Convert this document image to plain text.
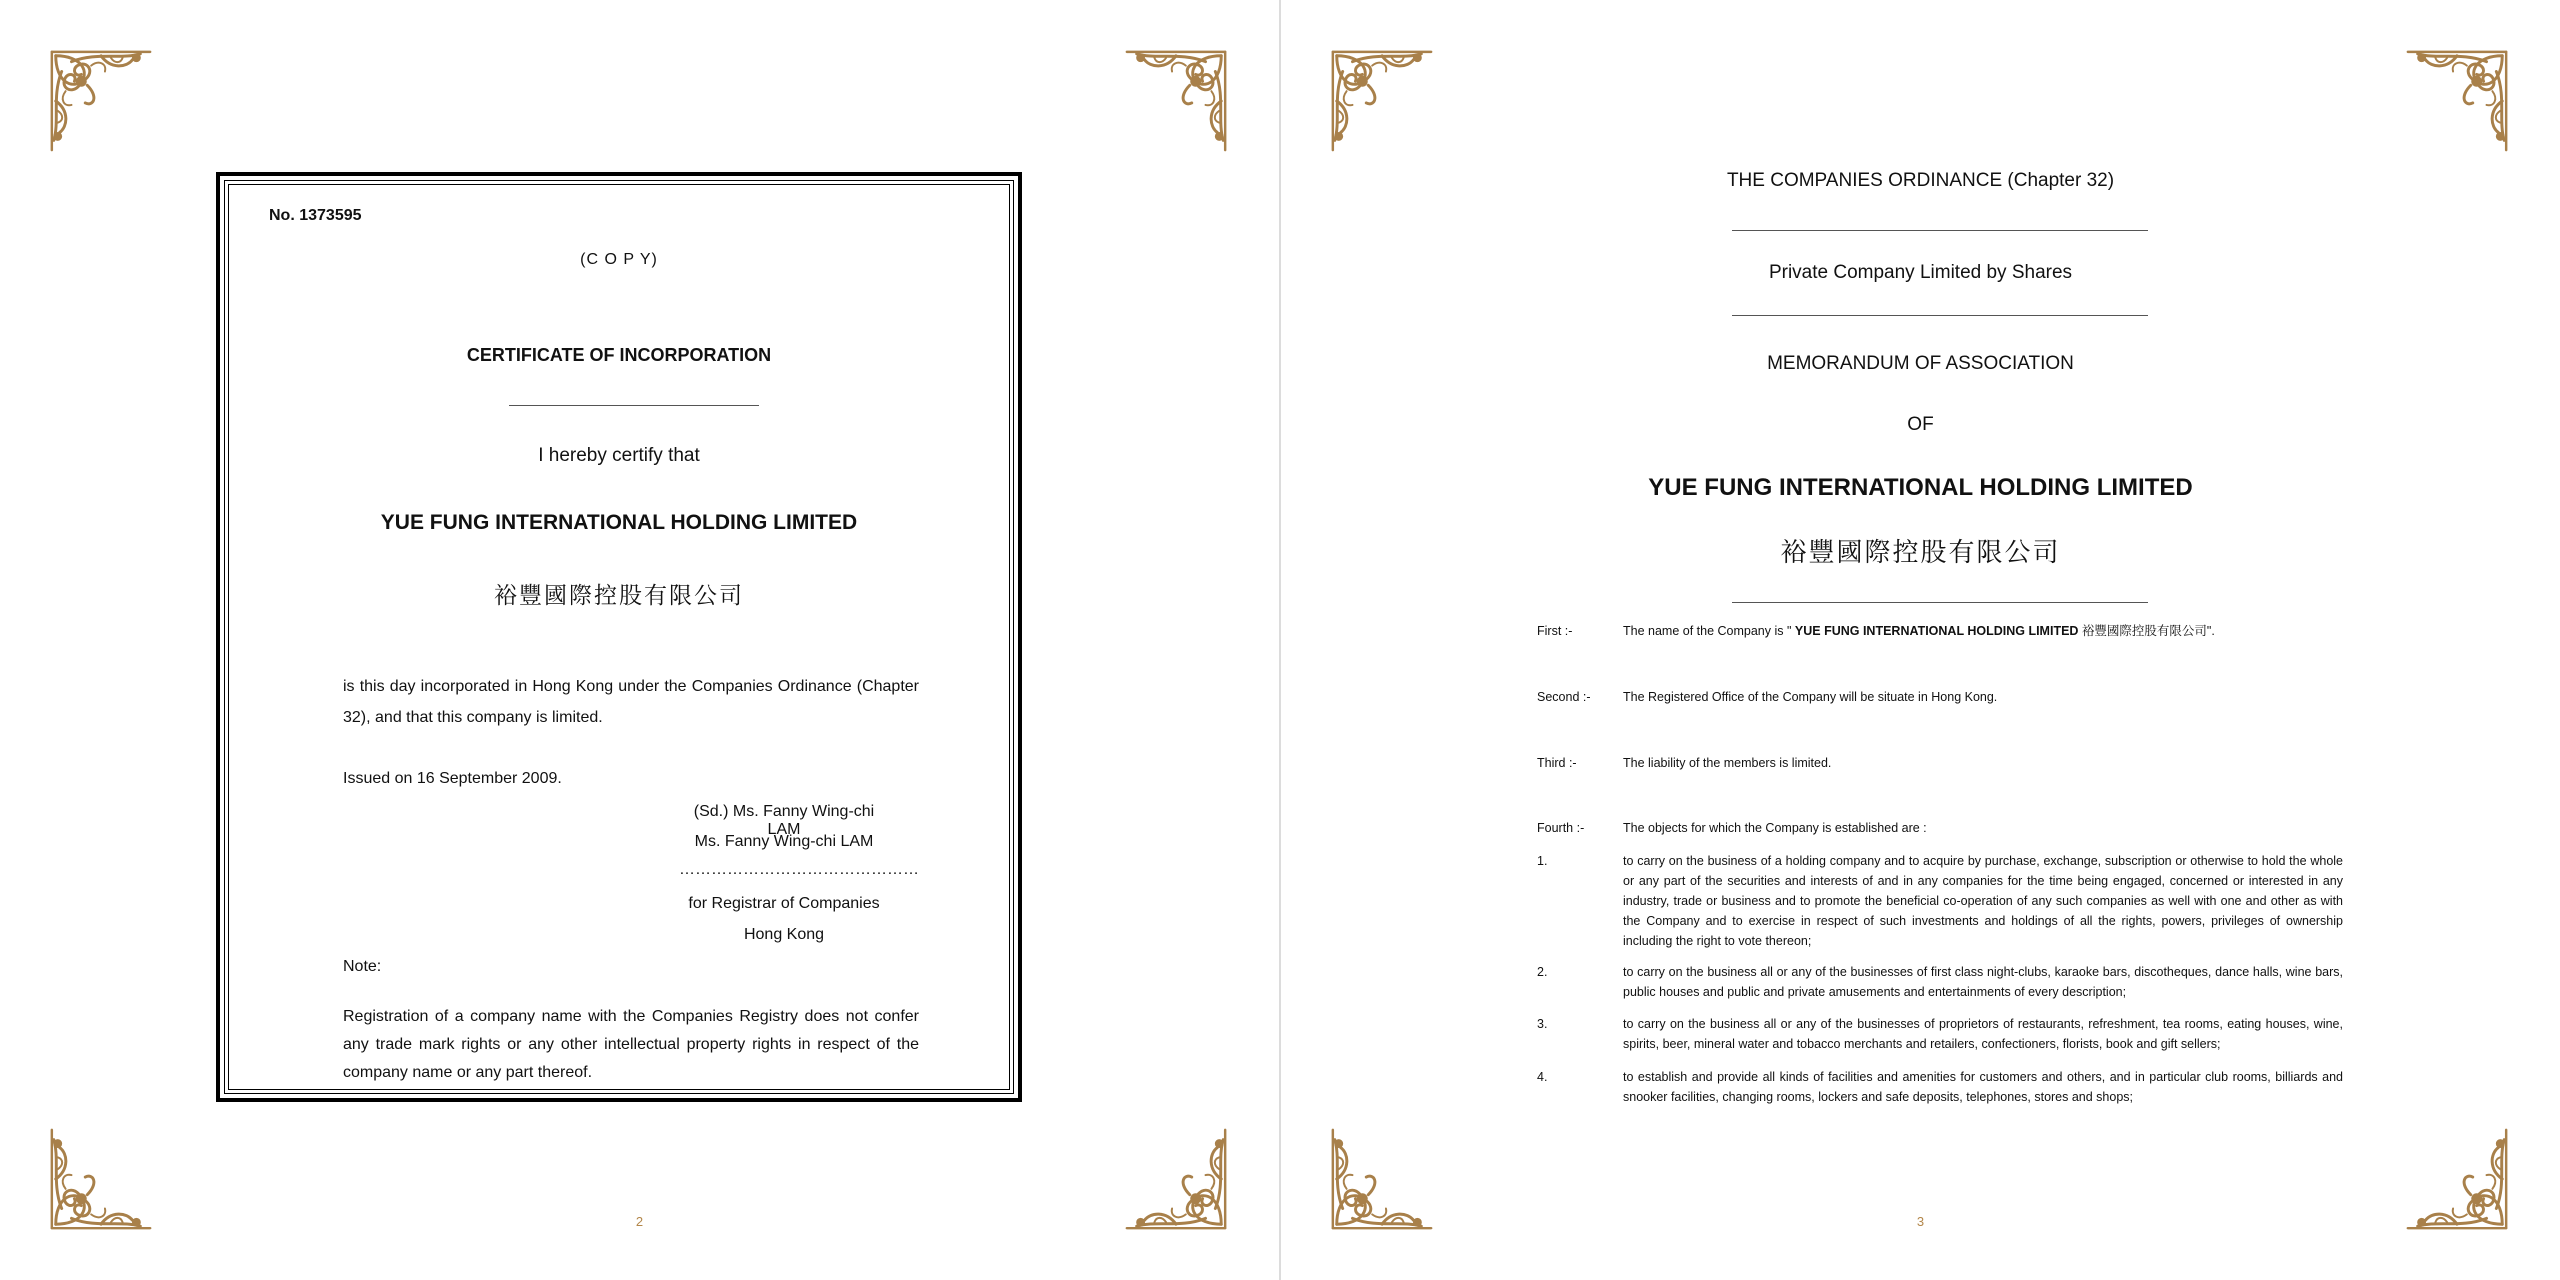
No. 1373595
(C O P Y)
CERTIFICATE OF INCORPORATION
I hereby certify that
YUE FUNG INTERNATIONAL HOLDING LIMITED
裕豐國際控股有限公司
is this day incorporated in Hong Kong under the Companies Ordinance (Chapter 32), and that this company is limited.
Issued on 16 September 2009.
(Sd.) Ms. Fanny Wing-chi LAM
Ms. Fanny Wing-chi LAM
………………………………………
for Registrar of Companies
Hong Kong
Note:
Registration of a company name with the Companies Registry does not confer any trade mark rights or any other intellectual property rights in respect of the company name or any part thereof.
2
THE COMPANIES ORDINANCE (Chapter 32)
Private Company Limited by Shares
MEMORANDUM OF ASSOCIATION
OF
YUE FUNG INTERNATIONAL HOLDING LIMITED
裕豐國際控股有限公司
First :-	The name of the Company is " YUE FUNG INTERNATIONAL HOLDING LIMITED 裕豐國際控股有限公司".
Second :-	The Registered Office of the Company will be situate in Hong Kong.
Third :-	The liability of the members is limited.
Fourth :-	The objects for which the Company is established are :
1.	to carry on the business of a holding company and to acquire by purchase, exchange, subscription or otherwise to hold the whole or any part of the securities and interests of and in any companies for the time being engaged, concerned or interested in any industry, trade or business and to promote the beneficial co-operation of any such companies as well with one and other as with the Company and to exercise in respect of such investments and holdings of all the rights, powers, privileges of ownership including the right to vote thereon;
2.	to carry on the business all or any of the businesses of first class night-clubs, karaoke bars, discotheques, dance halls, wine bars, public houses and public and private amusements and entertainments of every description;
3.	to carry on the business all or any of the businesses of proprietors of restaurants, refreshment, tea rooms, eating houses, wine, spirits, beer, mineral water and tobacco merchants and retailers, confectioners, florists, book and gift sellers;
4.	to establish and provide all kinds of facilities and amenities for customers and others, and in particular club rooms, billiards and snooker facilities, changing rooms, lockers and safe deposits, telephones, stores and shops;
3
